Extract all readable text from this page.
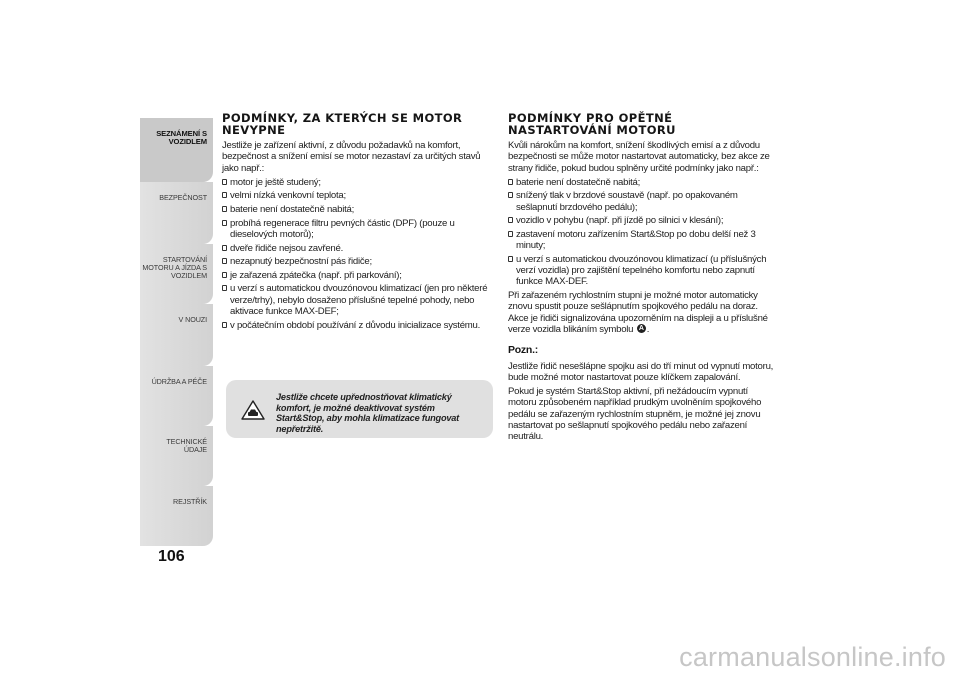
SEZNÁMENÍ S
VOZIDLEM
BEZPEČNOST
STARTOVÁNÍ
MOTORU A JÍZDA S
VOZIDLEM
V NOUZI
ÚDRŽBA A PÉČE
TECHNICKÉ ÚDAJE
REJSTŘÍK
106
PODMÍNKY, ZA KTERÝCH SE MOTOR NEVYPNE

Jestliže je zařízení aktivní, z důvodu požadavků na komfort, bezpečnost a snížení emisí se motor nezastaví za určitých stavů jako např.:

motor je ještě studený;
velmi nízká venkovní teplota;
baterie není dostatečně nabitá;
probíhá regenerace filtru pevných částic (DPF) (pouze u dieselových motorů);
dveře řidiče nejsou zavřené.
nezapnutý bezpečnostní pás řidiče;
je zařazená zpátečka (např. při parkování);
u verzí s automatickou dvouzónovou klimatizací (jen pro některé verze/trhy), nebylo dosaženo příslušné tepelné pohody, nebo aktivace funkce MAX-DEF;
v počátečním období používání z důvodu inicializace systému.
Jestliže chcete upřednostňovat klimatický komfort, je možné deaktivovat systém Start&Stop, aby mohla klimatizace fungovat nepřetržitě.
PODMÍNKY PRO OPĚTNÉ NASTARTOVÁNÍ MOTORU

Kvůli nárokům na komfort, snížení škodlivých emisí a z důvodu bezpečnosti se může motor nastartovat automaticky, bez akce ze strany řidiče, pokud budou splněny určité podmínky jako např.:

baterie není dostatečně nabitá;
snížený tlak v brzdové soustavě (např. po opakovaném sešlapnutí brzdového pedálu);
vozidlo v pohybu (např. při jízdě po silnici v klesání);
zastavení motoru zařízením Start&Stop po dobu delší než 3 minuty;
u verzí s automatickou dvouzónovou klimatizací (u příslušných verzí vozidla) pro zajištění tepelného komfortu nebo zapnutí funkce MAX-DEF.

Při zařazeném rychlostním stupni je možné motor automaticky znovu spustit pouze sešlápnutím spojkového pedálu na doraz. Akce je řidiči signalizována upozorněním na displeji a u příslušné verze vozidla blikáním symbolu A .

Pozn.:

Jestliže řidič nesešlápne spojku asi do tří minut od vypnutí motoru, bude možné motor nastartovat pouze klíčkem zapalování.

Pokud je systém Start&Stop aktivní, při nežádoucím vypnutí motoru způsobeném například prudkým uvolněním spojkového pedálu se zařazeným rychlostním stupněm, je možné jej znovu nastartovat po sešlapnutí spojkového pedálu nebo zařazení neutrálu.

carmanualsonline.info
